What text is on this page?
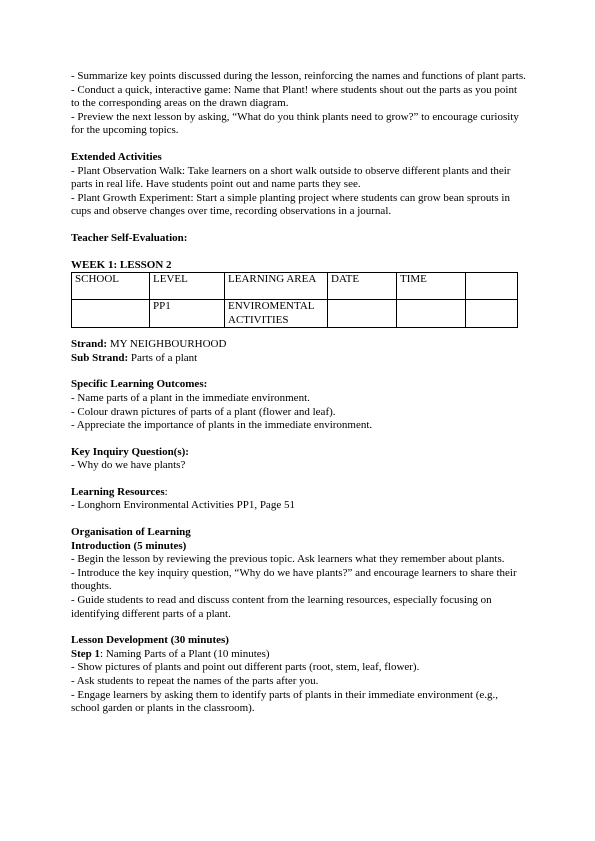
- Summarize key points discussed during the lesson, reinforcing the names and functions of plant parts.

- Conduct a quick, interactive game: Name that Plant! where students shout out the parts as you point to the corresponding areas on the drawn diagram.

- Preview the next lesson by asking, “What do you think plants need to grow?” to encourage curiosity for the upcoming topics.

Extended Activities

- Plant Observation Walk: Take learners on a short walk outside to observe different plants and their parts in real life. Have students point out and name parts they see.

- Plant Growth Experiment: Start a simple planting project where students can grow bean sprouts in cups and observe changes over time, recording observations in a journal.

Teacher Self-Evaluation:

WEEK 1: LESSON 2

SCHOOL	LEVEL	LEARNING AREA	DATE	TIME	
	PP1	ENVIROMENTAL ACTIVITIES			

Strand: MY NEIGHBOURHOOD

Sub Strand: Parts of a plant

Specific Learning Outcomes:

- Name parts of a plant in the immediate environment.

- Colour drawn pictures of parts of a plant (flower and leaf).

- Appreciate the importance of plants in the immediate environment.

Key Inquiry Question(s):

- Why do we have plants?

Learning Resources:

- Longhorn Environmental Activities PP1, Page 51

Organisation of Learning

Introduction (5 minutes)

- Begin the lesson by reviewing the previous topic. Ask learners what they remember about plants.

- Introduce the key inquiry question, “Why do we have plants?” and encourage learners to share their thoughts.

- Guide students to read and discuss content from the learning resources, especially focusing on identifying different parts of a plant.

Lesson Development (30 minutes)

Step 1: Naming Parts of a Plant (10 minutes)

- Show pictures of plants and point out different parts (root, stem, leaf, flower).

- Ask students to repeat the names of the parts after you.

- Engage learners by asking them to identify parts of plants in their immediate environment (e.g., school garden or plants in the classroom).
